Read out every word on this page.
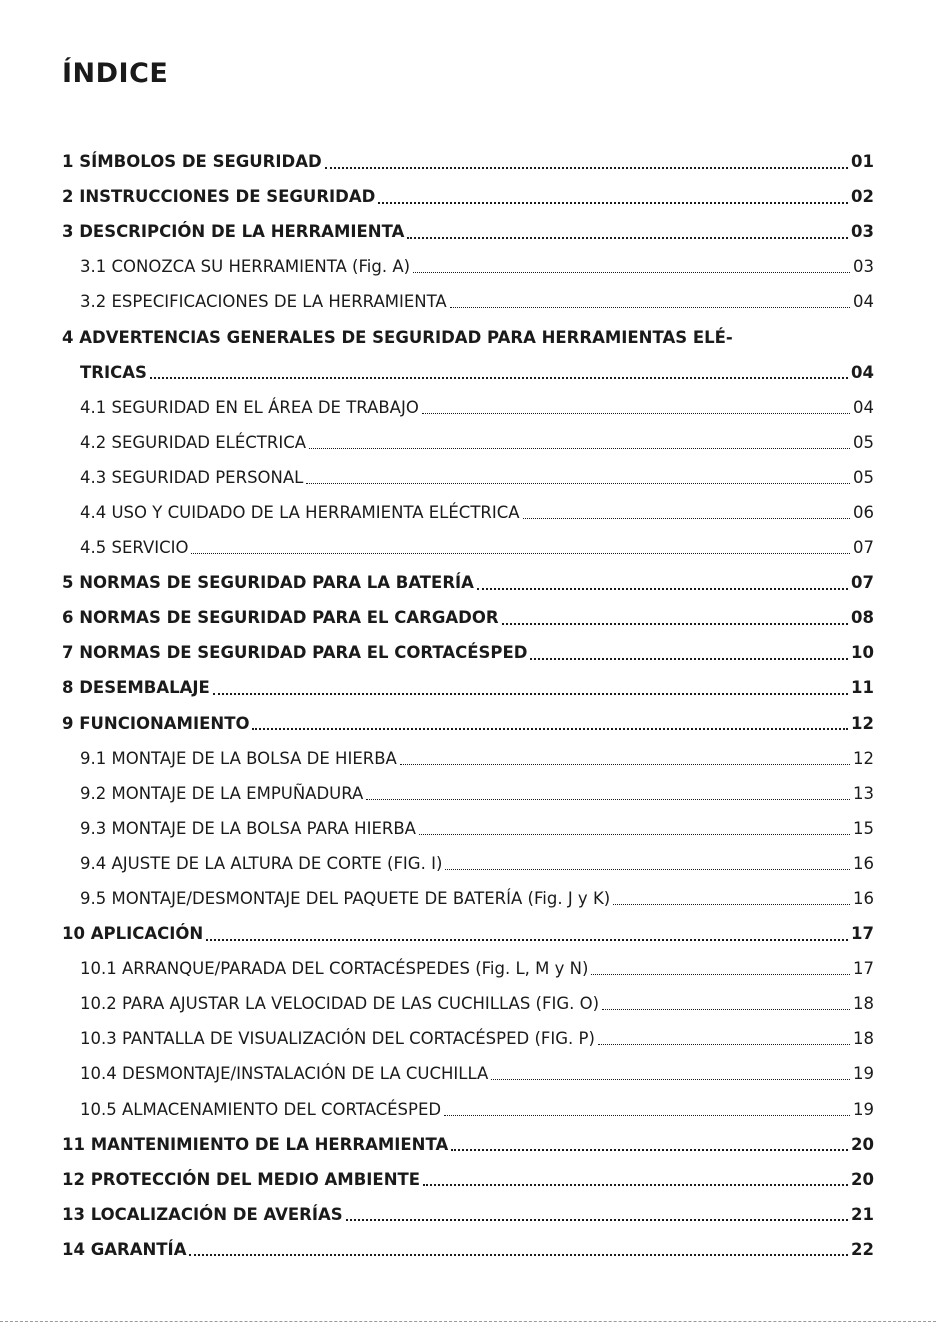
ÍNDICE
1 SÍMBOLOS DE SEGURIDAD	01
2 INSTRUCCIONES DE SEGURIDAD	02
3 DESCRIPCIÓN DE LA HERRAMIENTA	03
3.1 CONOZCA SU HERRAMIENTA (Fig. A)	03
3.2 ESPECIFICACIONES DE LA HERRAMIENTA	04
4 ADVERTENCIAS GENERALES DE SEGURIDAD PARA HERRAMIENTAS ELÉ-
TRICAS	04
4.1 SEGURIDAD EN EL ÁREA DE TRABAJO	04
4.2 SEGURIDAD ELÉCTRICA	05
4.3 SEGURIDAD PERSONAL	05
4.4 USO Y CUIDADO DE LA HERRAMIENTA ELÉCTRICA	06
4.5 SERVICIO	07
5 NORMAS DE SEGURIDAD PARA LA BATERÍA	07
6 NORMAS DE SEGURIDAD PARA EL CARGADOR	08
7 NORMAS DE SEGURIDAD PARA EL CORTACÉSPED	10
8 DESEMBALAJE	11
9 FUNCIONAMIENTO	12
9.1 MONTAJE DE LA BOLSA DE HIERBA	12
9.2 MONTAJE DE LA EMPUÑADURA	13
9.3 MONTAJE DE LA BOLSA PARA HIERBA	15
9.4 AJUSTE DE LA ALTURA DE CORTE (FIG. I)	16
9.5 MONTAJE/DESMONTAJE DEL PAQUETE DE BATERÍA (Fig. J y K)	16
10 APLICACIÓN	17
10.1 ARRANQUE/PARADA DEL CORTACÉSPEDES (Fig. L, M y N)	17
10.2 PARA AJUSTAR LA VELOCIDAD DE LAS CUCHILLAS (FIG. O)	18
10.3 PANTALLA DE VISUALIZACIÓN DEL CORTACÉSPED (FIG. P)	18
10.4 DESMONTAJE/INSTALACIÓN DE LA CUCHILLA	19
10.5 ALMACENAMIENTO DEL CORTACÉSPED	19
11 MANTENIMIENTO DE LA HERRAMIENTA	20
12 PROTECCIÓN DEL MEDIO AMBIENTE	20
13 LOCALIZACIÓN DE AVERÍAS	21
14 GARANTÍA	22
